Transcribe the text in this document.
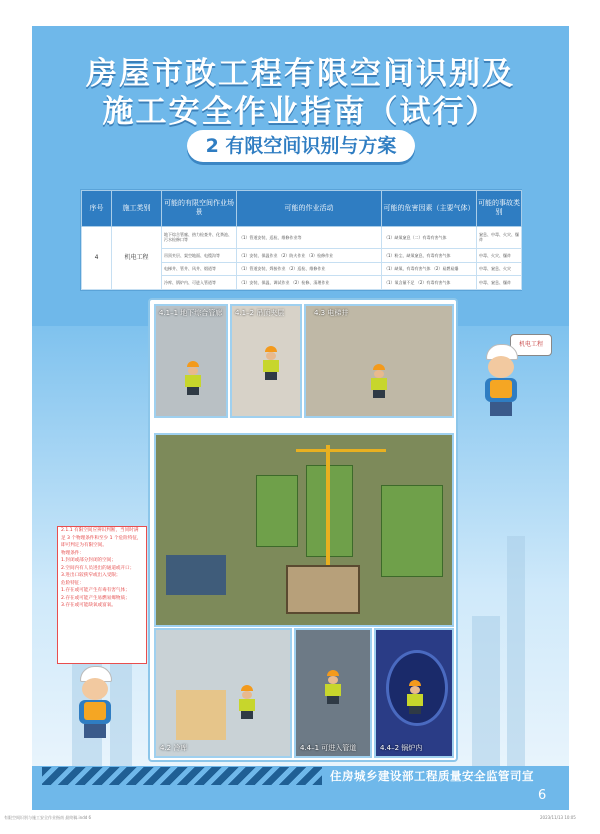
房屋市政工程有限空间识别及
施工安全作业指南（试行）
2 有限空间识别与方案
序号	施工类别	可能的有限空间作业场景	可能的作业活动	可能的危害因素（主要气体）	可能的事故类别
4	机电工程	地下综合管廊、热力检查井、化粪池、污水检修口等	（1）管道安装、巡检、维修作业等	（1）缺氧窒息（二）有毒有害气体	窒息、中毒、火灾、爆炸
		吊顶夹层、架空地面、电缆沟等	（1）安装、保温作业 （2）防火作业 （3）检修作业	（1）粉尘、缺氧窒息、有毒有害气体	中毒、火灾、爆炸
		电梯井、管井、风井、烟道等	（1）管道安装、焊接作业 （2）巡检、维修作业	（1）缺氧、有毒有害气体 （2）易燃易爆	中毒、窒息、火灾
		冷库、锅炉内、可进入管道等	（1）安装、保温、调试作业 （2）检修、清理作业	（1）氧含量不足 （2）有毒有害气体	中毒、窒息、爆炸
4.1–1 地下综合管廊 4.1–2 吊顶夹层	4.3 电梯井
4.2 冷库	4.4–1 可进入管道	4.4–2 锅炉内
机电工程
2.1.1 有限空间应辨识判断，当同时满足 3 个物理条件和至少 1 个危险特征，
即可判定为有限空间。
物理条件：
1.封闭或部分封闭的空间；
2.空间内有人员进出的通道或开口；
3.进出口较狭窄或出入受限；
危险特征：
1.存在或可能产生有毒有害气体；
2.存在或可能产生易燃易爆物质；
3.存在或可能缺氧或富氧。
住房城乡建设部工程质量安全监管司宣
6
有限空间识别与施工安全作业指南 最终稿.indd 6	2023/11/13 10:05
